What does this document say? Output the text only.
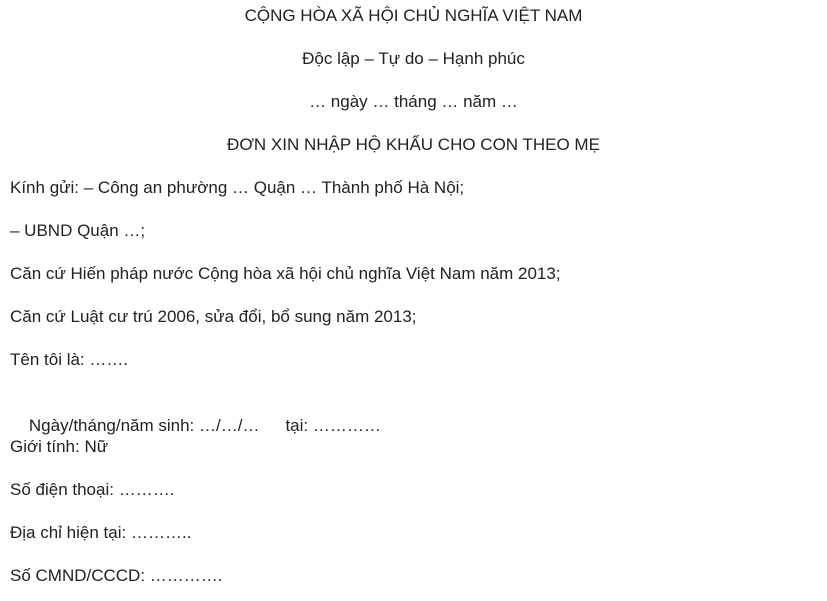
CỘNG HÒA XÃ HỘI CHỦ NGHĨA VIỆT NAM
Độc lập – Tự do – Hạnh phúc
… ngày … tháng … năm …
ĐƠN XIN NHẬP HỘ KHẨU CHO CON THEO MẸ
Kính gửi: – Công an phường … Quận … Thành phố Hà Nội;
– UBND Quận …;
Căn cứ Hiến pháp nước Cộng hòa xã hội chủ nghĩa Việt Nam năm 2013;
Căn cứ Luật cư trú 2006, sửa đổi, bổ sung năm 2013;
Tên tôi là: …….

Ngày/tháng/năm sinh: …/…/… tại: …………

Giới tính: Nữ
Số điện thoại: ……….
Địa chỉ hiện tại: ………..
Số CMND/CCCD: ………….
